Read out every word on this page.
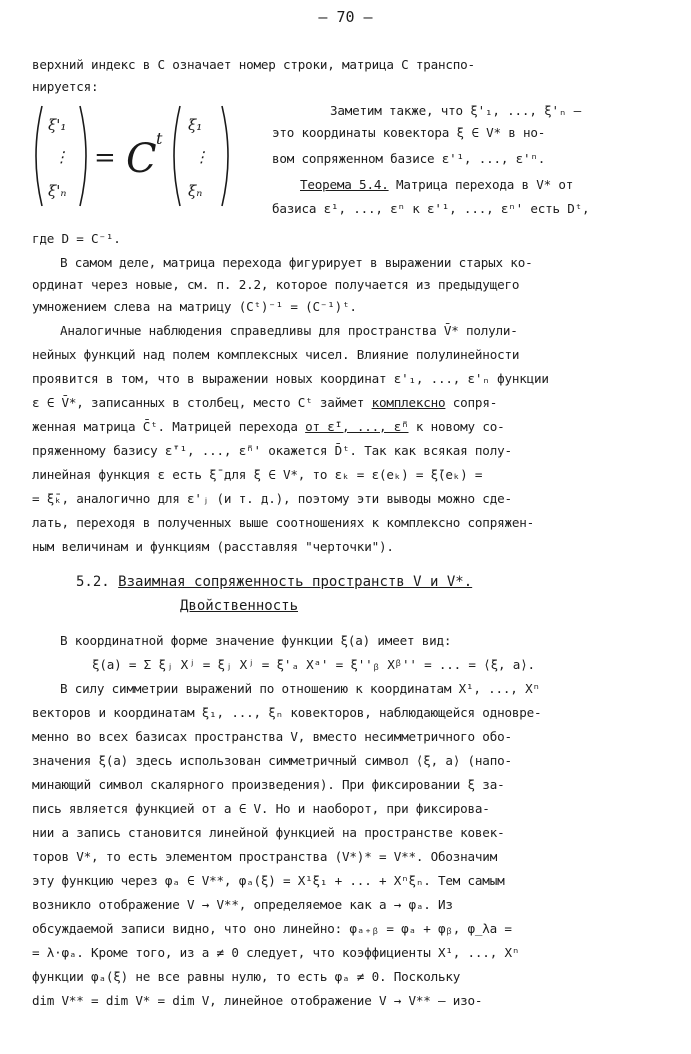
– 70 –
верхний индекс в C означает номер строки, матрица C транспо-
нируется:
ξ'₁
⋮
ξ'ₙ
= C t
ξ₁
⋮
ξₙ
Заметим также, что ξ'₁, ..., ξ'ₙ –
это координаты ковектора ξ ∈ V* в но-
вом сопряженном базисе ε'¹, ..., ε'ⁿ.
Теорема 5.4. Матрица перехода в V* от
базиса ε¹, ..., εⁿ к ε'¹, ..., εⁿ' есть Dᵗ,
где D = C⁻¹.
В самом деле, матрица перехода фигурирует в выражении старых ко-
ординат через новые, см. п. 2.2, которое получается из предыдущего
умножением слева на матрицу (Cᵗ)⁻¹ = (C⁻¹)ᵗ.
Аналогичные наблюдения справедливы для пространства V̄* полули-
нейных функций над полем комплексных чисел. Влияние полулинейности
проявится в том, что в выражении новых координат ε'₁, ..., ε'ₙ функции
ε ∈ V̄*, записанных в столбец, место Cᵗ займет комплексно сопря-
женная матрица C̄ᵗ. Матрицей перехода от ε̄¹, ..., ε̄ⁿ к новому со-
пряженному базису ε̄'¹, ..., ε̄ⁿ' окажется D̄ᵗ. Так как всякая полу-
линейная функция ε есть ξ̄ для ξ ∈ V*, то εₖ = ε(eₖ) = ξ̄(eₖ) =
= ξ̄ₖ, аналогично для ε'ⱼ (и т. д.), поэтому эти выводы можно сде-
лать, переходя в полученных выше соотношениях к комплексно сопряжен-
ным величинам и функциям (расставляя "черточки").
5.2. Взаимная сопряженность пространств V и V*.
Двойственность
В координатной форме значение функции ξ(a) имеет вид:
ξ(a) = Σ ξⱼ Xʲ = ξⱼ Xʲ = ξ'ₐ Xᵃ' = ξ''ᵦ Xᵝ'' = ... = ⟨ξ, a⟩.
В силу симметрии выражений по отношению к координатам X¹, ..., Xⁿ
векторов и координатам ξ₁, ..., ξₙ ковекторов, наблюдающейся одновре-
менно во всех базисах пространства V, вместо несимметричного обо-
значения ξ(a) здесь использован симметричный символ ⟨ξ, a⟩ (напо-
минающий символ скалярного произведения). При фиксировании ξ за-
пись является функцией от a ∈ V. Но и наоборот, при фиксирова-
нии a запись становится линейной функцией на пространстве ковек-
торов V*, то есть элементом пространства (V*)* = V**. Обозначим
эту функцию через φₐ ∈ V**, φₐ(ξ) = X¹ξ₁ + ... + Xⁿξₙ. Тем самым
возникло отображение V → V**, определяемое как a → φₐ. Из
обсуждаемой записи видно, что оно линейно: φₐ₊ᵦ = φₐ + φᵦ, φ_λa =
= λ·φₐ. Кроме того, из a ≠ 0 следует, что коэффициенты X¹, ..., Xⁿ
функции φₐ(ξ) не все равны нулю, то есть φₐ ≠ 0. Поскольку
dim V** = dim V* = dim V, линейное отображение V → V** – изо-
